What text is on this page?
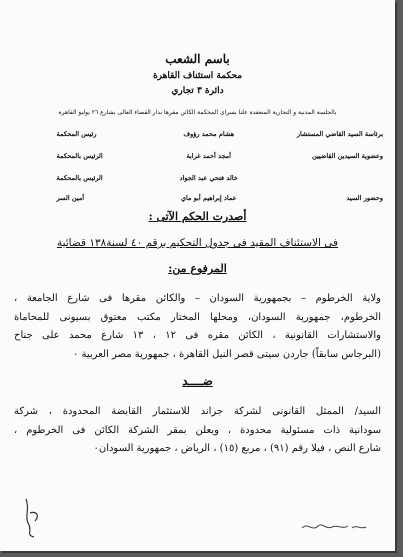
باسم الشعب
محكمة استئناف القاهرة
دائرة ٣ تجاري
بالجلسة المدنية و التجارية المنعقدة علنا بسراى المحكمة الكائن مقرها بدار القضاء العالى بشارع ٢٦ يوليو القاهرة
برئاسة السيد القاضي المستشار هشام محمد رؤوف رئيس المحكمة
وعضوية السيدين القاضيين أمجد أحمد غرابة الرئيس بالمحكمة
خالد فتحي عبد الجواد الرئيس بالمحكمة
وحضور السيد عماد إبراهيم أبو ماي أمين السر
أصدرت الحكم الآتى :
فى الاستئناف المقيد فى جدول التحكيم برقم ٤٠ لسنة١٣٨ قضائية
المرفوع من:
ولاية الخرطوم – بجمهورية السودان – والكائن مقرها فى شارع الجامعة ،
الخرطوم، جمهورية السودان، ومحلها المختار مكتب معتوق بسيونى للمحاماة
والاستشارات القانونية ، الكائن مقره فى ١٢ ، ١٣ شارع محمد على جناح
(البرجاس سابقاً) جاردن سيتى قصر النيل القاهرة ، جمهورية مصر العربية ٠
ضــــد
السيد/ الممثل القانونى لشركة جراند للاستثمار القابضة المحدودة ، شركة
سودانية ذات مسئولية محدودة ، ويعلن بمقر الشركة الكائن فى الخرطوم ،
شارع النص ، فيلا رقم (٩١) ، مربع (١٥) ، الرياض ، جمهورية السودان٠
